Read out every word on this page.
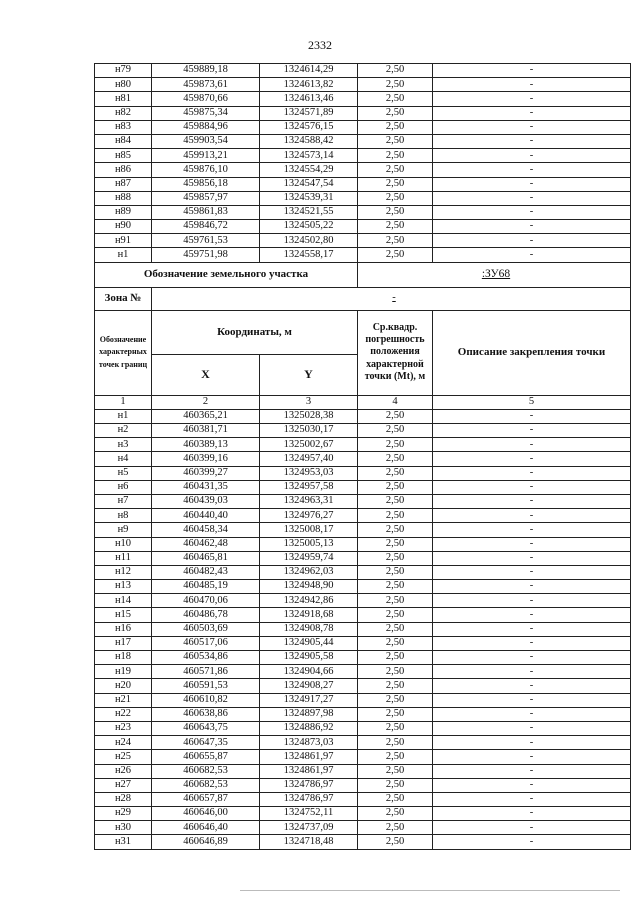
2332
н79	459889,18	1324614,29	2,50	-
н80	459873,61	1324613,82	2,50	-
н81	459870,66	1324613,46	2,50	-
н82	459875,34	1324571,89	2,50	-
н83	459884,96	1324576,15	2,50	-
н84	459903,54	1324588,42	2,50	-
н85	459913,21	1324573,14	2,50	-
н86	459876,10	1324554,29	2,50	-
н87	459856,18	1324547,54	2,50	-
н88	459857,97	1324539,31	2,50	-
н89	459861,83	1324521,55	2,50	-
н90	459846,72	1324505,22	2,50	-
н91	459761,53	1324502,80	2,50	-
н1	459751,98	1324558,17	2,50	-
Обозначение земельного участка			:ЗУ68	
Зона №	-			
Обозначение характерных точек границ	Координаты, м		Ср.квадр. погрешность положения характерной точки (Mt), м	Описание закрепления точки
	X	Y		
1	2	3	4	5
н1	460365,21	1325028,38	2,50	-
н2	460381,71	1325030,17	2,50	-
н3	460389,13	1325002,67	2,50	-
н4	460399,16	1324957,40	2,50	-
н5	460399,27	1324953,03	2,50	-
н6	460431,35	1324957,58	2,50	-
н7	460439,03	1324963,31	2,50	-
н8	460440,40	1324976,27	2,50	-
н9	460458,34	1325008,17	2,50	-
н10	460462,48	1325005,13	2,50	-
н11	460465,81	1324959,74	2,50	-
н12	460482,43	1324962,03	2,50	-
н13	460485,19	1324948,90	2,50	-
н14	460470,06	1324942,86	2,50	-
н15	460486,78	1324918,68	2,50	-
н16	460503,69	1324908,78	2,50	-
н17	460517,06	1324905,44	2,50	-
н18	460534,86	1324905,58	2,50	-
н19	460571,86	1324904,66	2,50	-
н20	460591,53	1324908,27	2,50	-
н21	460610,82	1324917,27	2,50	-
н22	460638,86	1324897,98	2,50	-
н23	460643,75	1324886,92	2,50	-
н24	460647,35	1324873,03	2,50	-
н25	460655,87	1324861,97	2,50	-
н26	460682,53	1324861,97	2,50	-
н27	460682,53	1324786,97	2,50	-
н28	460657,87	1324786,97	2,50	-
н29	460646,00	1324752,11	2,50	-
н30	460646,40	1324737,09	2,50	-
н31	460646,89	1324718,48	2,50	-
